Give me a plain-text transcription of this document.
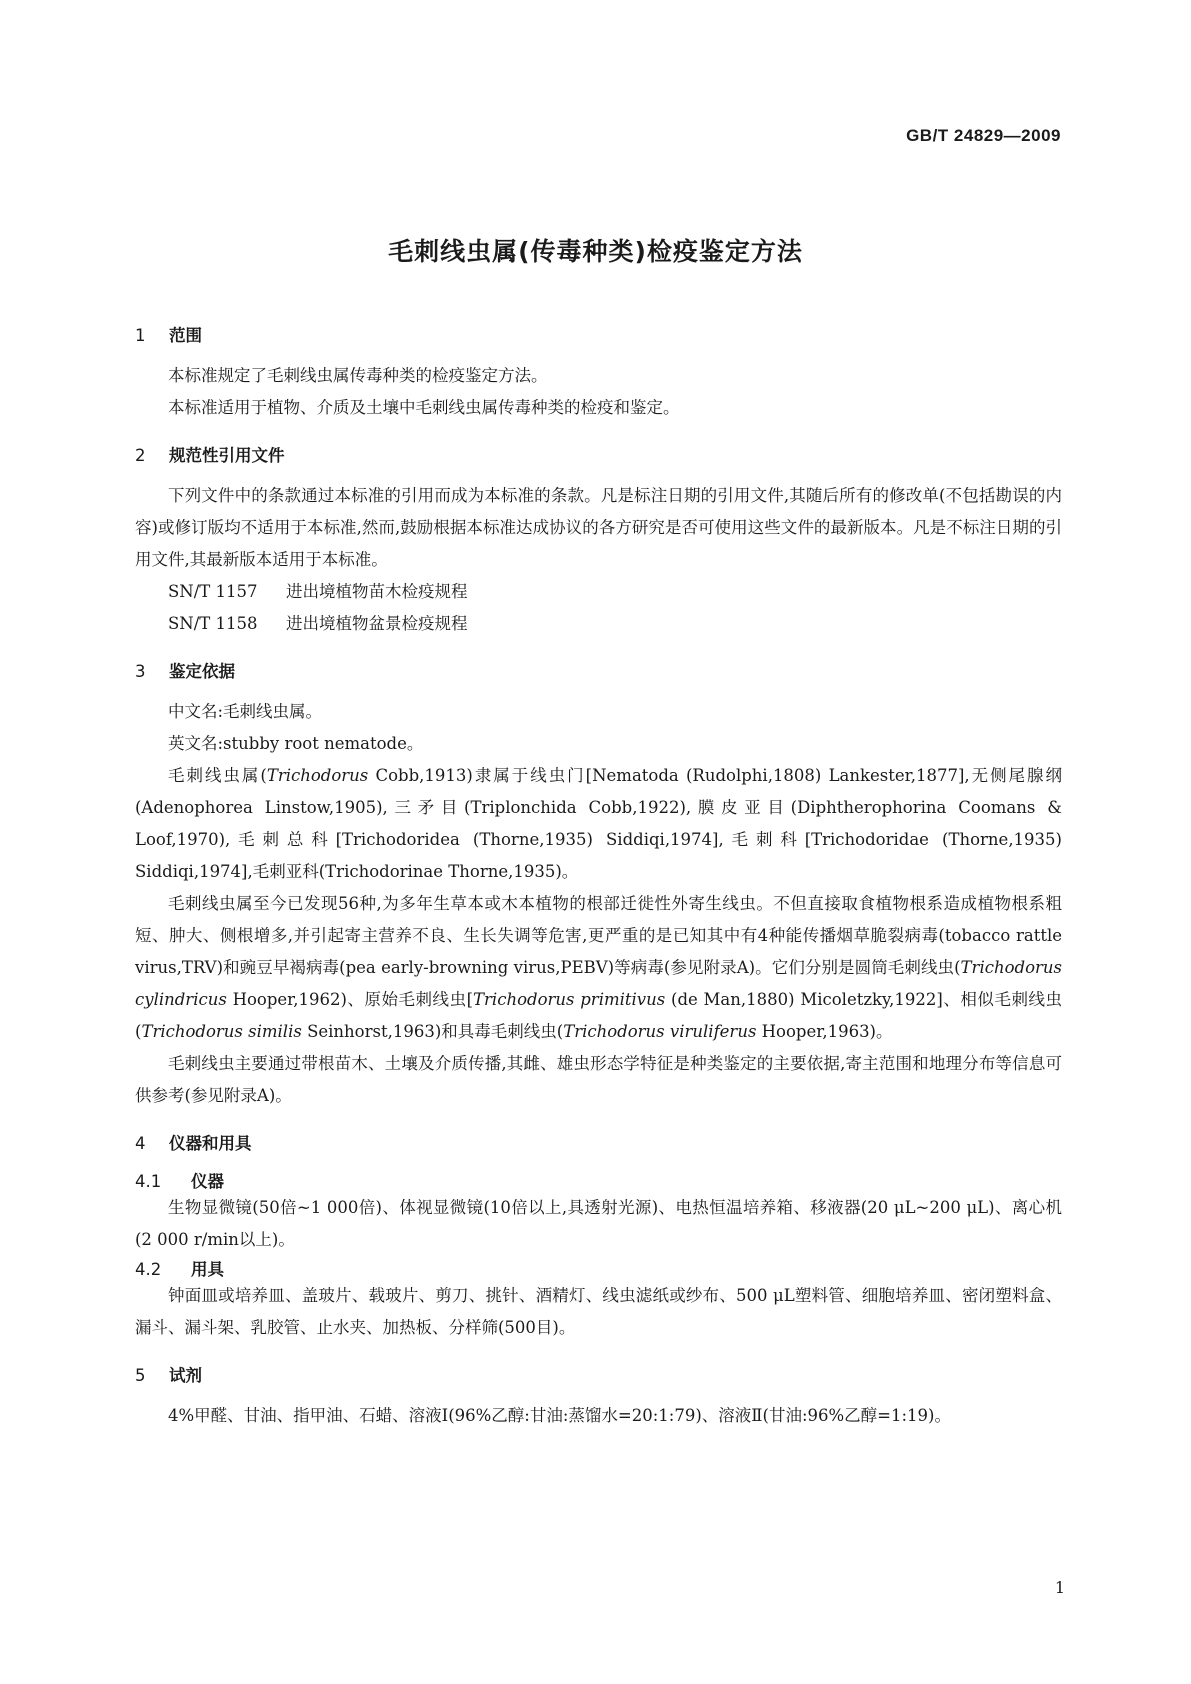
GB/T 24829—2009
毛刺线虫属(传毒种类)检疫鉴定方法
1 范围

本标准规定了毛刺线虫属传毒种类的检疫鉴定方法。

本标准适用于植物、介质及土壤中毛刺线虫属传毒种类的检疫和鉴定。

2 规范性引用文件

下列文件中的条款通过本标准的引用而成为本标准的条款。凡是标注日期的引用文件,其随后所有的修改单(不包括勘误的内容)或修订版均不适用于本标准,然而,鼓励根据本标准达成协议的各方研究是否可使用这些文件的最新版本。凡是不标注日期的引用文件,其最新版本适用于本标准。

SN/T 1157 进出境植物苗木检疫规程

SN/T 1158 进出境植物盆景检疫规程

3 鉴定依据

中文名:毛刺线虫属。

英文名:stubby root nematode。

毛刺线虫属(Trichodorus Cobb,1913)隶属于线虫门[Nematoda (Rudolphi,1808) Lankester,1877],无侧尾腺纲(Adenophorea Linstow,1905),三矛目(Triplonchida Cobb,1922),膜皮亚目(Diphtherophorina Coomans & Loof,1970),毛刺总科[Trichodoridea (Thorne,1935) Siddiqi,1974],毛刺科[Trichodoridae (Thorne,1935) Siddiqi,1974],毛刺亚科(Trichodorinae Thorne,1935)。

毛刺线虫属至今已发现56种,为多年生草本或木本植物的根部迁徙性外寄生线虫。不但直接取食植物根系造成植物根系粗短、肿大、侧根增多,并引起寄主营养不良、生长失调等危害,更严重的是已知其中有4种能传播烟草脆裂病毒(tobacco rattle virus,TRV)和豌豆早褐病毒(pea early-browning virus,PEBV)等病毒(参见附录A)。它们分别是圆筒毛刺线虫(Trichodorus cylindricus Hooper,1962)、原始毛刺线虫[Trichodorus primitivus (de Man,1880) Micoletzky,1922]、相似毛刺线虫(Trichodorus similis Seinhorst,1963)和具毒毛刺线虫(Trichodorus viruliferus Hooper,1963)。

毛刺线虫主要通过带根苗木、土壤及介质传播,其雌、雄虫形态学特征是种类鉴定的主要依据,寄主范围和地理分布等信息可供参考(参见附录A)。

4 仪器和用具
4.1 仪器

生物显微镜(50倍~1 000倍)、体视显微镜(10倍以上,具透射光源)、电热恒温培养箱、移液器(20 μL~200 μL)、离心机(2 000 r/min以上)。

4.2 用具

钟面皿或培养皿、盖玻片、载玻片、剪刀、挑针、酒精灯、线虫滤纸或纱布、500 μL塑料管、细胞培养皿、密闭塑料盒、漏斗、漏斗架、乳胶管、止水夹、加热板、分样筛(500目)。

5 试剂

4%甲醛、甘油、指甲油、石蜡、溶液Ⅰ(96%乙醇:甘油:蒸馏水=20:1:79)、溶液Ⅱ(甘油:96%乙醇=1:19)。

1
